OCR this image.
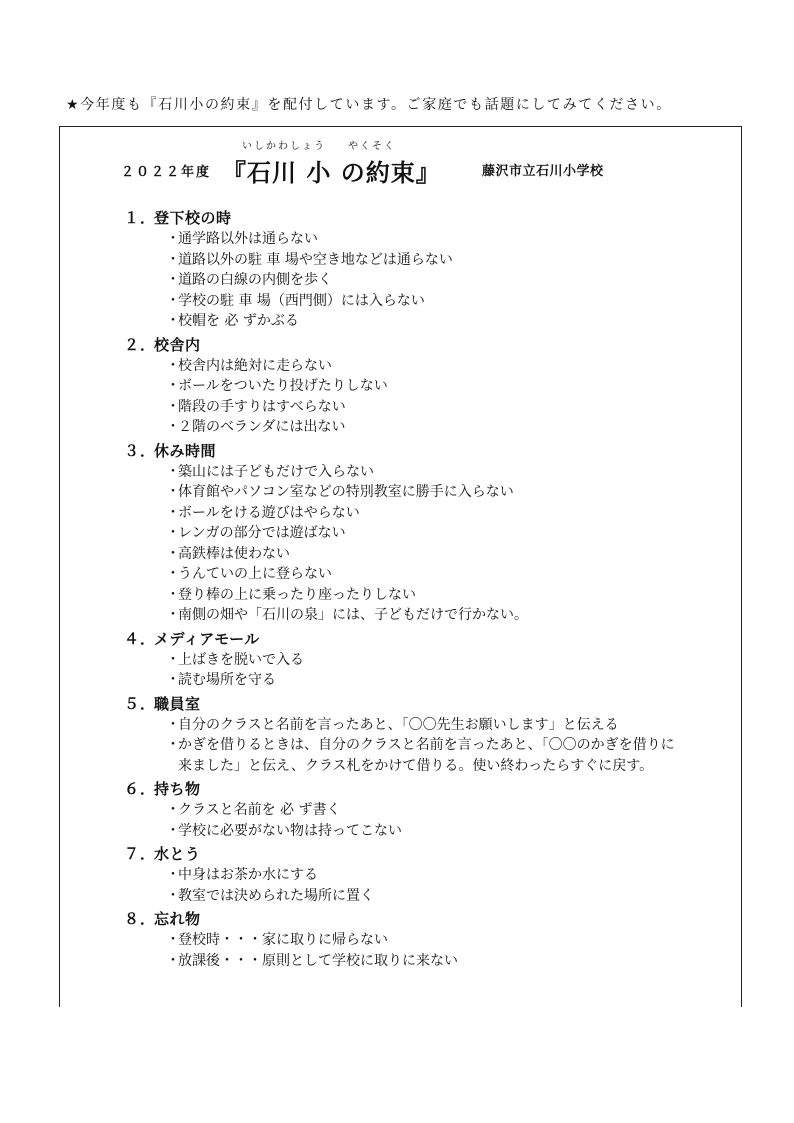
★今年度も『石川小の約束』を配付しています。ご家庭でも話題にしてみてください。
２０２２年度
いしかわしょう やくそく
『石川 小 の約束』	藤沢市立石川小学校
１．
登下校の時
・
通学路以外は通らない
・
道路以外の駐 車 場や空き地などは通らない
・
道路の白線の内側を歩く
・
学校の駐 車 場（西門側）には入らない
・
校帽を 必 ずかぶる
２．
校舎内
・
校舎内は絶対に走らない
・
ボールをついたり投げたりしない
・
階段の手すりはすべらない
・
２階のベランダには出ない
３．
休み時間
・
築山には子どもだけで入らない
・
体育館やパソコン室などの特別教室に勝手に入らない
・
ボールをける遊びはやらない
・
レンガの部分では遊ばない
・
高鉄棒は使わない
・
うんていの上に登らない
・
登り棒の上に乗ったり座ったりしない
・
南側の畑や「石川の泉」には、子どもだけで行かない。
４．
メディアモール
・
上ばきを脱いで入る
・
読む場所を守る
５．
職員室
・
自分のクラスと名前を言ったあと、「〇〇先生お願いします」と伝える
・
かぎを借りるときは、自分のクラスと名前を言ったあと、「〇〇のかぎを借りに来ました」と伝え、クラス札をかけて借りる。使い終わったらすぐに戻す。
６．
持ち物
・
クラスと名前を 必 ず書く
・
学校に必要がない物は持ってこない
７．
水とう
・
中身はお茶か水にする
・
教室では決められた場所に置く
８．
忘れ物
・
登校時・・・家に取りに帰らない
・
放課後・・・原則として学校に取りに来ない
